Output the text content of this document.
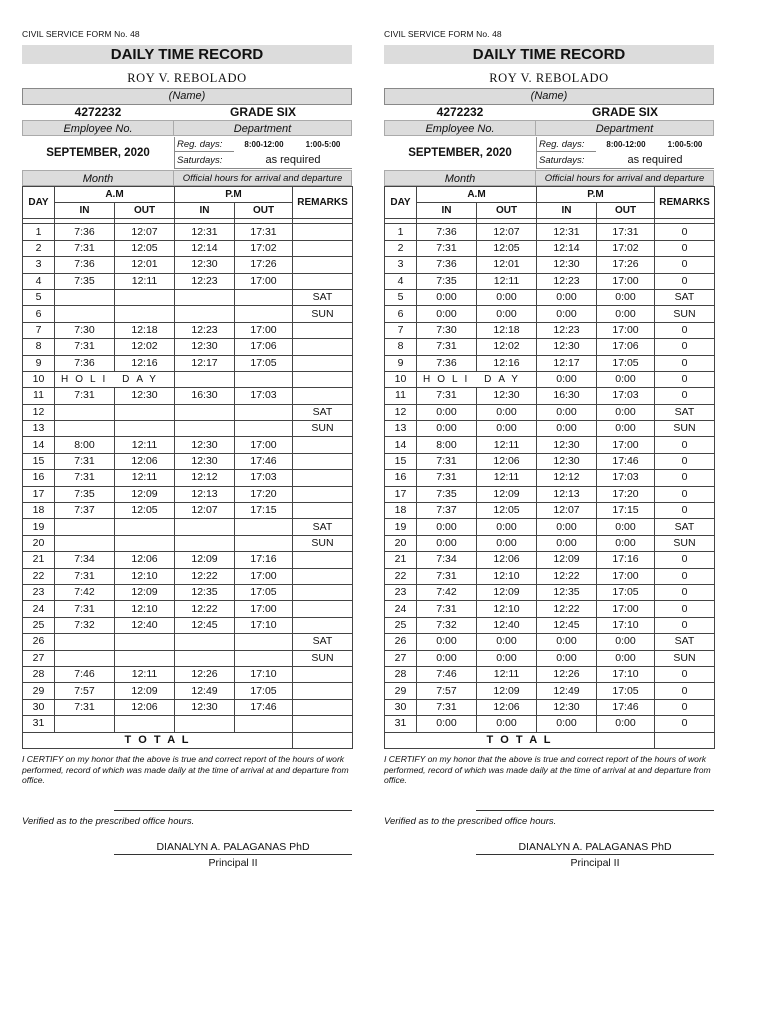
CIVIL SERVICE FORM No. 48
DAILY TIME RECORD
ROY V. REBOLADO
(Name)
4272232	GRADE SIX
Employee No.	Department
SEPTEMBER, 2020
Reg. days:	8:00-12:00	1:00-5:00
Saturdays:	as required
Month	Official hours for arrival and departure
DAY	A.M		P.M		REMARKS
	IN	OUT	IN	OUT	

1	7:36	12:07	12:31	17:31	
2	7:31	12:05	12:14	17:02	
3	7:36	12:01	12:30	17:26	
4	7:35	12:11	12:23	17:00	
5					SAT
6					SUN
7	7:30	12:18	12:23	17:00	
8	7:31	12:02	12:30	17:06	
9	7:36	12:16	12:17	17:05	
10	HOLI DAY				
11	7:31	12:30	16:30	17:03	
12					SAT
13					SUN
14	8:00	12:11	12:30	17:00	
15	7:31	12:06	12:30	17:46	
16	7:31	12:11	12:12	17:03	
17	7:35	12:09	12:13	17:20	
18	7:37	12:05	12:07	17:15	
19					SAT
20					SUN
21	7:34	12:06	12:09	17:16	
22	7:31	12:10	12:22	17:00	
23	7:42	12:09	12:35	17:05	
24	7:31	12:10	12:22	17:00	
25	7:32	12:40	12:45	17:10	
26					SAT
27					SUN
28	7:46	12:11	12:26	17:10	
29	7:57	12:09	12:49	17:05	
30	7:31	12:06	12:30	17:46	
31					
T O T A L					
I CERTIFY on my honor that the above is true and correct report of the hours of work performed, record of which was made daily at the time of arrival at and departure from office.
Verified as to the prescribed office hours.
DIANALYN A. PALAGANAS PhD
Principal II
CIVIL SERVICE FORM No. 48
DAILY TIME RECORD
ROY V. REBOLADO
(Name)
4272232	GRADE SIX
Employee No.	Department
SEPTEMBER, 2020
Reg. days:	8:00-12:00	1:00-5:00
Saturdays:	as required
Month	Official hours for arrival and departure
DAY	A.M		P.M		REMARKS
	IN	OUT	IN	OUT	

1	7:36	12:07	12:31	17:31	0
2	7:31	12:05	12:14	17:02	0
3	7:36	12:01	12:30	17:26	0
4	7:35	12:11	12:23	17:00	0
5	0:00	0:00	0:00	0:00	SAT
6	0:00	0:00	0:00	0:00	SUN
7	7:30	12:18	12:23	17:00	0
8	7:31	12:02	12:30	17:06	0
9	7:36	12:16	12:17	17:05	0
10	HOLI DAY		0:00	0:00	0
11	7:31	12:30	16:30	17:03	0
12	0:00	0:00	0:00	0:00	SAT
13	0:00	0:00	0:00	0:00	SUN
14	8:00	12:11	12:30	17:00	0
15	7:31	12:06	12:30	17:46	0
16	7:31	12:11	12:12	17:03	0
17	7:35	12:09	12:13	17:20	0
18	7:37	12:05	12:07	17:15	0
19	0:00	0:00	0:00	0:00	SAT
20	0:00	0:00	0:00	0:00	SUN
21	7:34	12:06	12:09	17:16	0
22	7:31	12:10	12:22	17:00	0
23	7:42	12:09	12:35	17:05	0
24	7:31	12:10	12:22	17:00	0
25	7:32	12:40	12:45	17:10	0
26	0:00	0:00	0:00	0:00	SAT
27	0:00	0:00	0:00	0:00	SUN
28	7:46	12:11	12:26	17:10	0
29	7:57	12:09	12:49	17:05	0
30	7:31	12:06	12:30	17:46	0
31	0:00	0:00	0:00	0:00	0
T O T A L					
I CERTIFY on my honor that the above is true and correct report of the hours of work performed, record of which was made daily at the time of arrival at and departure from office.
Verified as to the prescribed office hours.
DIANALYN A. PALAGANAS PhD
Principal II
